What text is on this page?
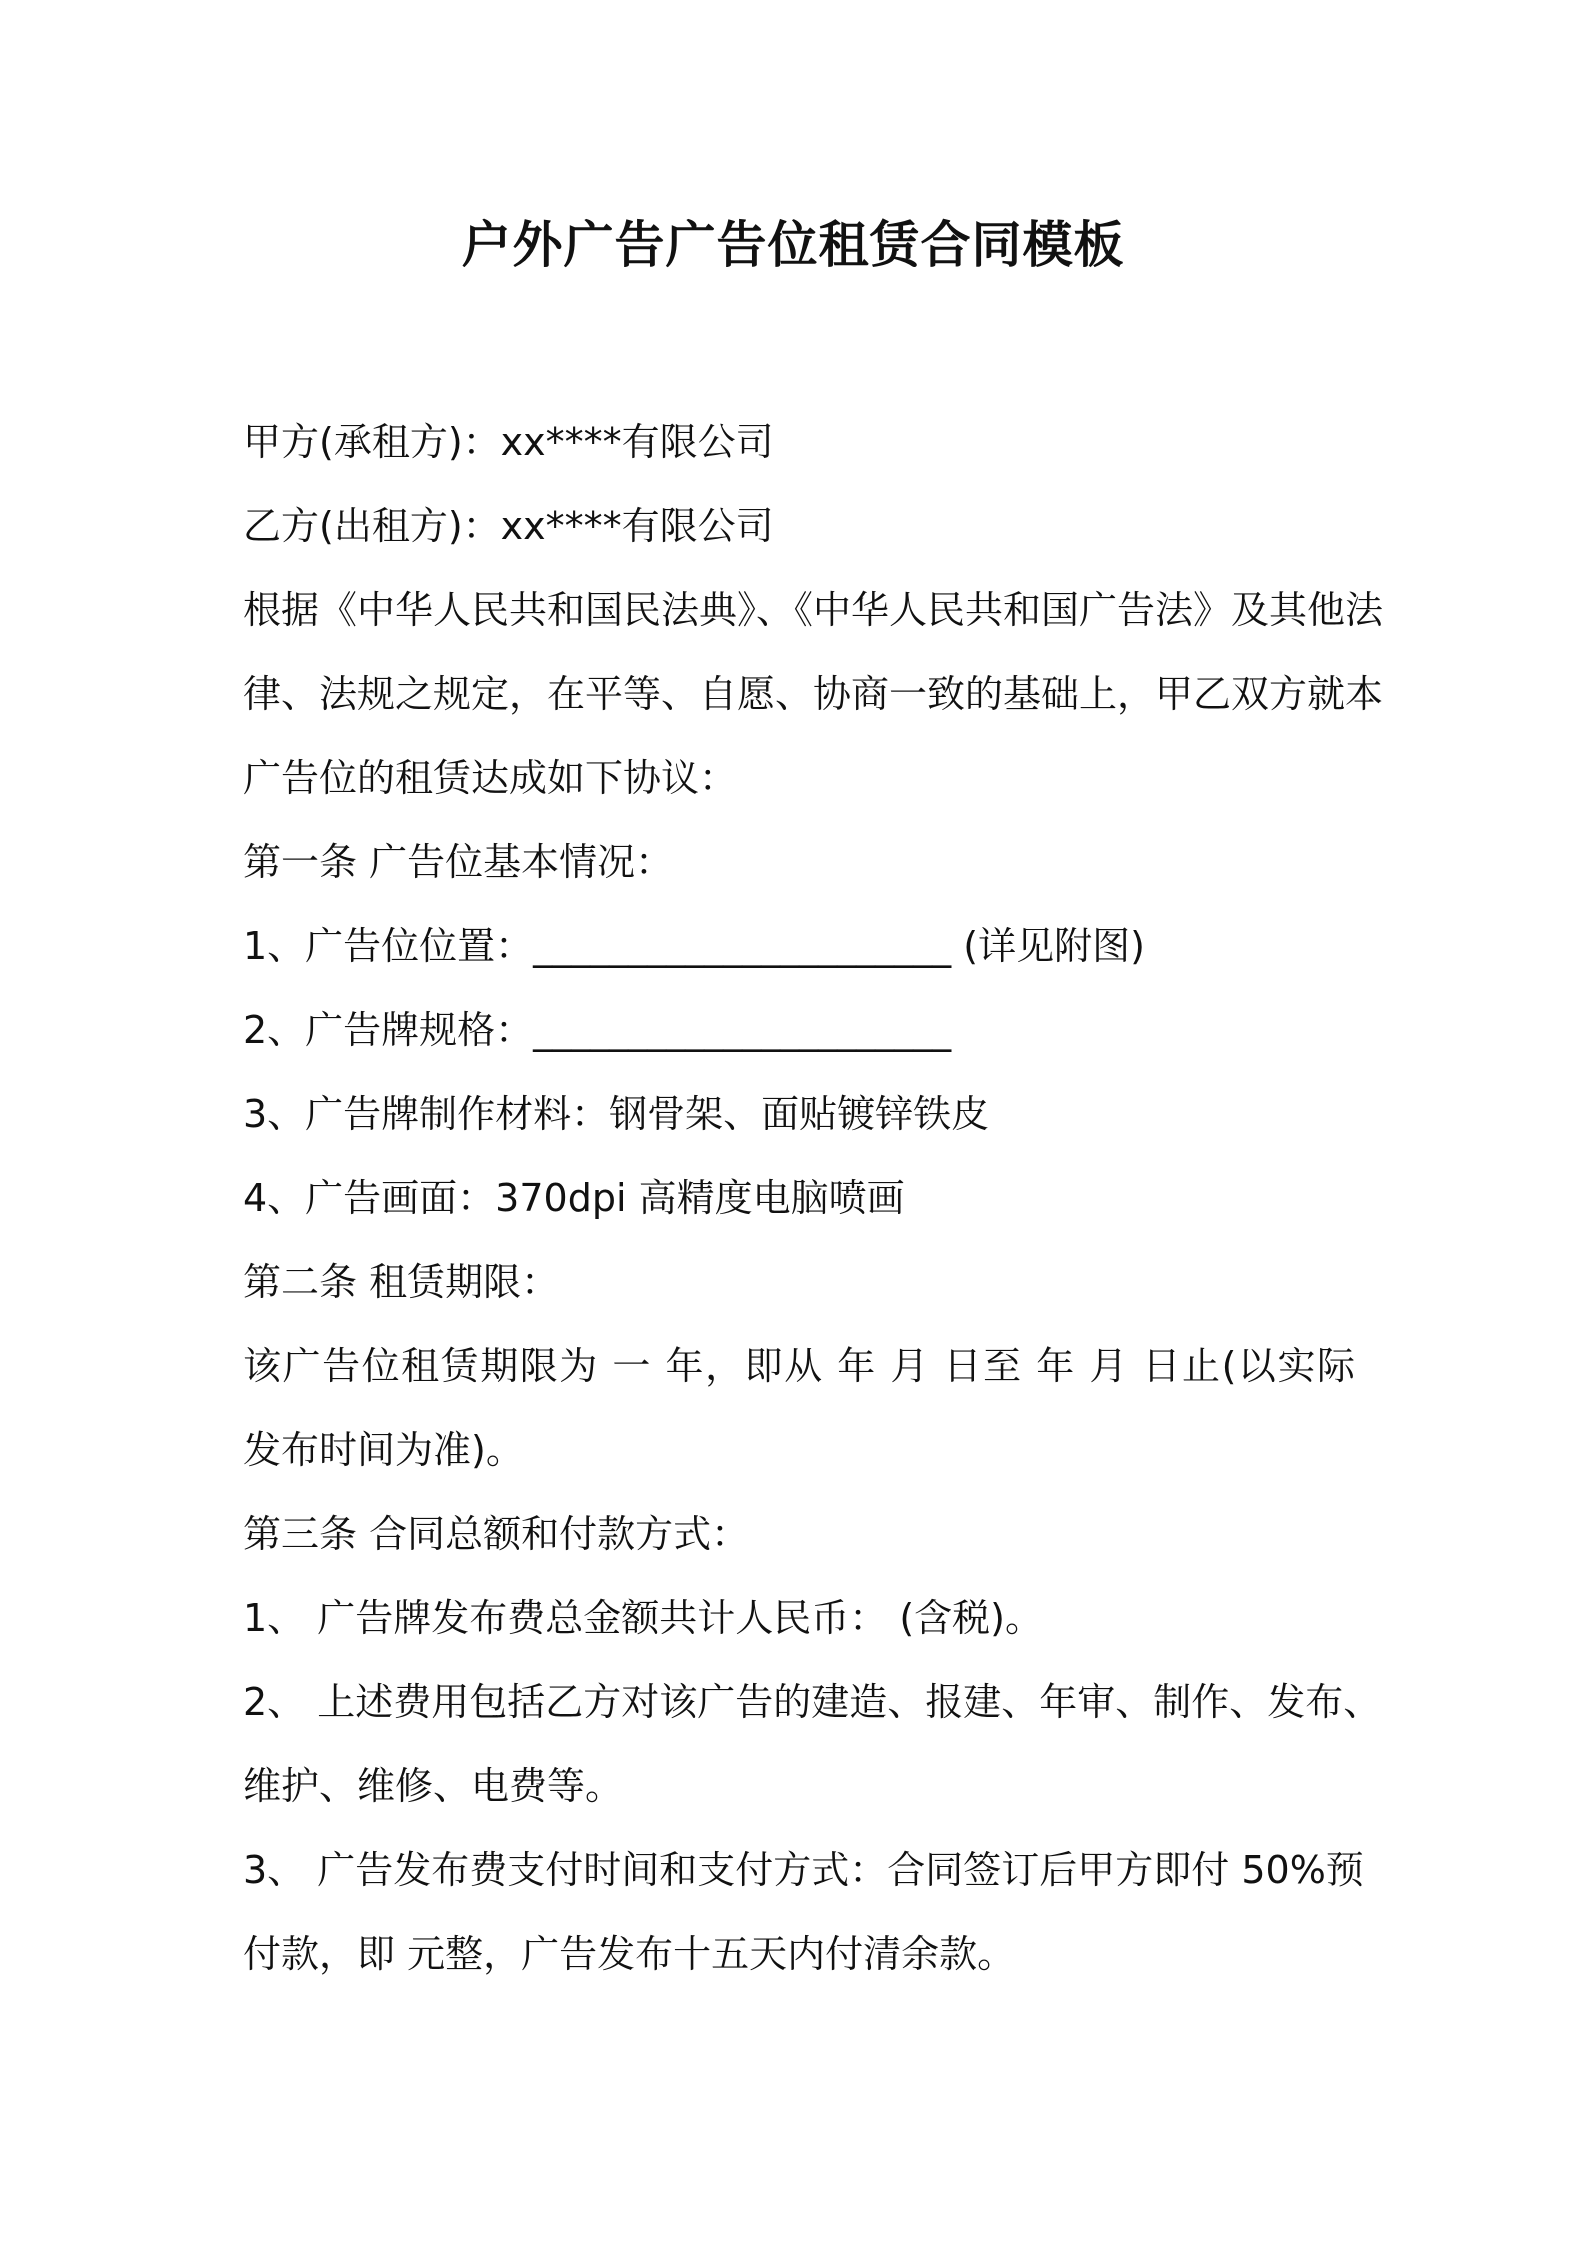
户外广告广告位租赁合同模板

甲方(承租方)：xx****有限公司

乙方(出租方)：xx****有限公司

根据《中华人民共和国民法典》、《中华人民共和国广告法》及其他法

律、法规之规定，在平等、自愿、协商一致的基础上，甲乙双方就本

广告位的租赁达成如下协议：

第一条 广告位基本情况：

1、广告位位置：______________________ (详见附图)

2、广告牌规格：______________________

3、广告牌制作材料：钢骨架、面贴镀锌铁皮

4、广告画面：370dpi 高精度电脑喷画

第二条 租赁期限：

该广告位租赁期限为 一 年，即从 年 月 日至 年 月 日止(以实际

发布时间为准)。

第三条 合同总额和付款方式：

1、 广告牌发布费总金额共计人民币： (含税)。

2、 上述费用包括乙方对该广告的建造、报建、年审、制作、发布、

维护、维修、电费等。

3、 广告发布费支付时间和支付方式：合同签订后甲方即付 50%预

付款，即 元整，广告发布十五天内付清余款。
